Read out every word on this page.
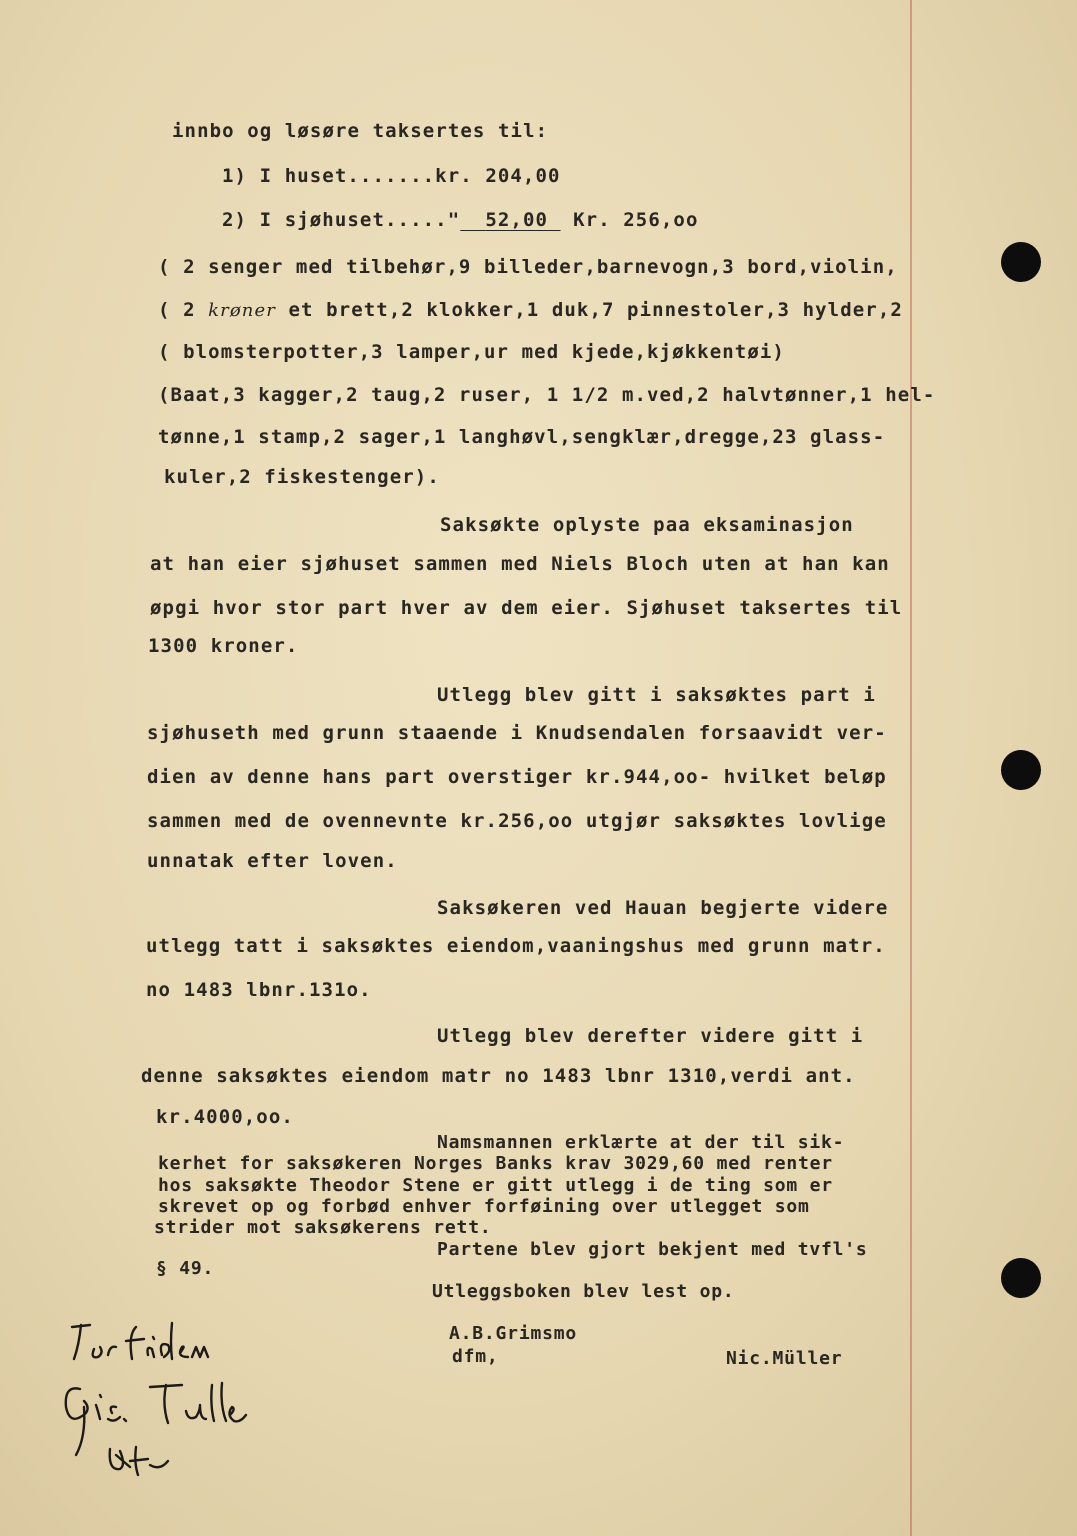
innbo og løsøre taksertes til:
1) I huset.......kr. 204,00
2) I sjøhuset....." 52,00  Kr. 256,oo
( 2 senger med tilbehør,9 billeder,barnevogn,3 bord,violin,
( 2 krøner et brett,2 klokker,1 duk,7 pinnestoler,3 hylder,2
( blomsterpotter,3 lamper,ur med kjede,kjøkkentøi)
(Baat,3 kagger,2 taug,2 ruser, 1 1/2 m.ved,2 halvtønner,1 hel-
tønne,1 stamp,2 sager,1 langhøvl,sengklær,dregge,23 glass-
kuler,2 fiskestenger).
Saksøkte oplyste paa eksaminasjon
at han eier sjøhuset sammen med Niels Bloch uten at han kan
øpgi hvor stor part hver av dem eier. Sjøhuset taksertes til
1300 kroner.
Utlegg blev gitt i saksøktes part i
sjøhuseth med grunn staaende i Knudsendalen forsaavidt ver-
dien av denne hans part overstiger kr.944,oo- hvilket beløp
sammen med de ovennevnte kr.256,oo utgjør saksøktes lovlige
unnatak efter loven.
Saksøkeren ved Hauan begjerte videre
utlegg tatt i saksøktes eiendom,vaaningshus med grunn matr.
no 1483 lbnr.131o.
Utlegg blev derefter videre gitt i
denne saksøktes eiendom matr no 1483 lbnr 1310,verdi ant.
kr.4000,oo.
Namsmannen erklærte at der til sik-
kerhet for saksøkeren Norges Banks krav 3029,60 med renter
hos saksøkte Theodor Stene er gitt utlegg i de ting som er
skrevet op og forbød enhver forføining over utlegget som
strider mot saksøkerens rett.
Partene blev gjort bekjent med tvfl's
§ 49.
Utleggsboken blev lest op.
A.B.Grimsmo
dfm,	Nic.Müller
